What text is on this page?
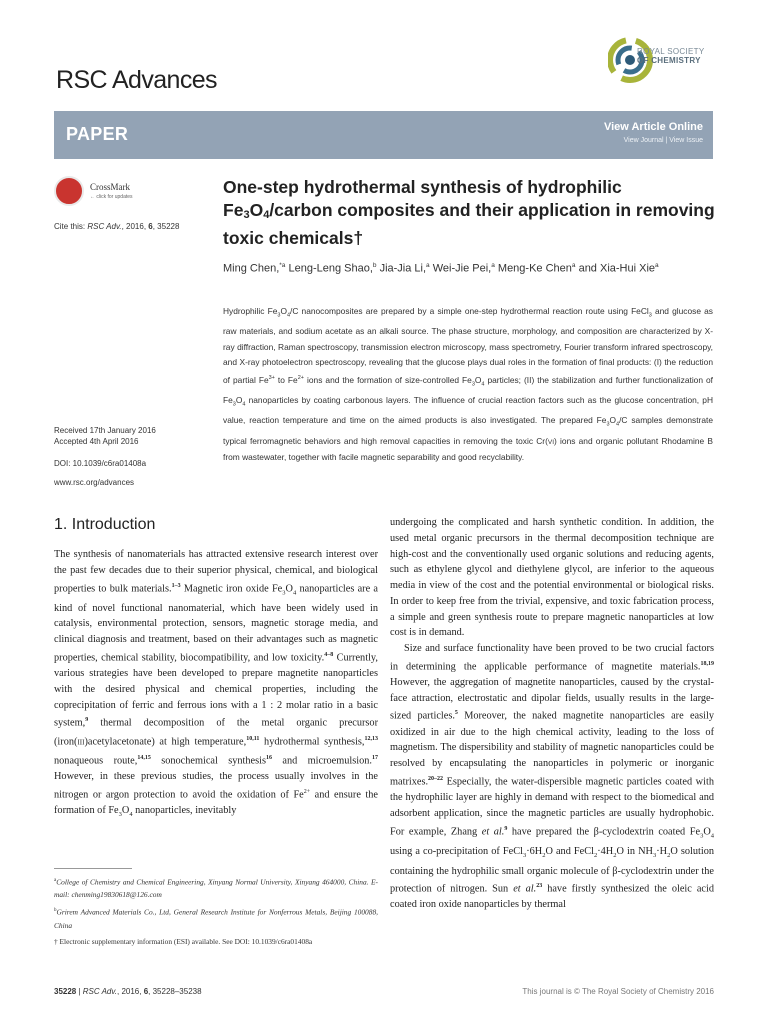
RSC Advances
ROYAL SOCIETY
OF CHEMISTRY
PAPER	View Article Online
View Journal | View Issue
CrossMark
← click for updates
Cite this: RSC Adv., 2016, 6, 35228
One-step hydrothermal synthesis of hydrophilic $Fe_3O_4$/carbon composites and their application in removing toxic chemicals†
Ming Chen,$^{*a}$ Leng-Leng Shao,$^b$ Jia-Jia Li,$^a$ Wei-Jie Pei,$^a$ Meng-Ke Chen$^a$ and Xia-Hui Xie$^a$
Hydrophilic $Fe_3O_4/C$ nanocomposites are prepared by a simple one-step hydrothermal reaction route using FeCl$_3$ and glucose as raw materials, and sodium acetate as an alkali source. The phase structure, morphology, and composition are characterized by X-ray diffraction, Raman spectroscopy, transmission electron microscopy, mass spectrometry, Fourier transform infrared spectroscopy, and X-ray photoelectron spectroscopy, revealing that the glucose plays dual roles in the formation of final products: (I) the reduction of partial $Fe^{3+}$ to $Fe^{2+}$ ions and the formation of size-controlled $Fe_3O_4$ particles; (II) the stabilization and further functionalization of $Fe_3O_4$ nanoparticles by coating carbonous layers. The influence of crucial reaction factors such as the glucose concentration, pH value, reaction temperature and time on the aimed products is also investigated. The prepared $Fe_3O_4/C$ samples demonstrate typical ferromagnetic behaviors and high removal capacities in removing the toxic Cr(VI) ions and organic pollutant Rhodamine B from wastewater, together with facile magnetic separability and good recyclability.
Received 17th January 2016
Accepted 4th April 2016
DOI: 10.1039/c6ra01408a
www.rsc.org/advances
1. Introduction

The synthesis of nanomaterials has attracted extensive research interest over the past few decades due to their superior physical, chemical, and biological properties to bulk materials.$^{1-3}$ Magnetic iron oxide $Fe_3O_4$ nanoparticles are a kind of novel functional nanomaterial, which have been widely used in catalysis, environmental protection, sensors, magnetic storage media, and clinical diagnosis and treatment, based on their advantages such as magnetic properties, chemical stability, biocompatibility, and low toxicity.$^{4-8}$ Currently, various strategies have been developed to prepare magnetite nanoparticles with the desired physical and chemical properties, including the coprecipitation of ferric and ferrous ions with a 1 : 2 molar ratio in a basic system,$^9$ thermal decomposition of the metal organic precursor (iron(III)acetylacetonate) at high temperature,$^{10,11}$ hydrothermal synthesis,$^{12,13}$ nonaqueous route,$^{14,15}$ sonochemical synthesis$^{16}$ and microemulsion.$^{17}$ However, in these previous studies, the process usually involves in the nitrogen or argon protection to avoid the oxidation of $Fe^{2+}$ and ensure the formation of $Fe_3O_4$ nanoparticles, inevitably

undergoing the complicated and harsh synthetic condition. In addition, the used metal organic precursors in the thermal decomposition technique are high-cost and the conventionally used organic solutions and reducing agents, such as ethylene glycol and diethylene glycol, are inferior to the aqueous media in view of the cost and the potential environmental or biological risks. In order to keep free from the trivial, expensive, and toxic fabrication process, a simple and green synthesis route to prepare magnetic nanoparticles at low cost is in demand.

Size and surface functionality have been proved to be two crucial factors in determining the applicable performance of magnetite materials.$^{18,19}$ However, the aggregation of magnetite nanoparticles, caused by the crystal-face attraction, electrostatic and dipolar fields, usually results in the large-sized particles.$^5$ Moreover, the naked magnetite nanoparticles are easily oxidized in air due to the high chemical activity, leading to the loss of magnetism. The dispersibility and stability of magnetic nanoparticles could be resolved by encapsulating the nanoparticles in polymeric or inorganic matrixes.$^{20-22}$ Especially, the water-dispersible magnetic particles coated with the hydrophilic layer are highly in demand with respect to the biomedical and adsorbent application, since the magnetic particles are usually hydrophobic. For example, Zhang et al.$^9$ have prepared the β-cyclodextrin coated $Fe_3O_4$ using a co-precipitation of $FeCl_3\cdot 6H_2O$ and $FeCl_2\cdot 4H_2O$ in $NH_3\cdot H_2O$ solution containing the hydrophilic small organic molecule of β-cyclodextrin under the protection of nitrogen. Sun et al.$^{23}$ have firstly synthesized the oleic acid coated iron oxide nanoparticles by thermal

$^a$College of Chemistry and Chemical Engineering, Xinyang Normal University, Xinyang 464000, China. E-mail: chenming19830618@126.com

$^b$Grirem Advanced Materials Co., Ltd, General Research Institute for Nonferrous Metals, Beijing 100088, China

† Electronic supplementary information (ESI) available. See DOI: 10.1039/c6ra01408a

35228 | RSC Adv., 2016, 6, 35228–35238	This journal is © The Royal Society of Chemistry 2016
